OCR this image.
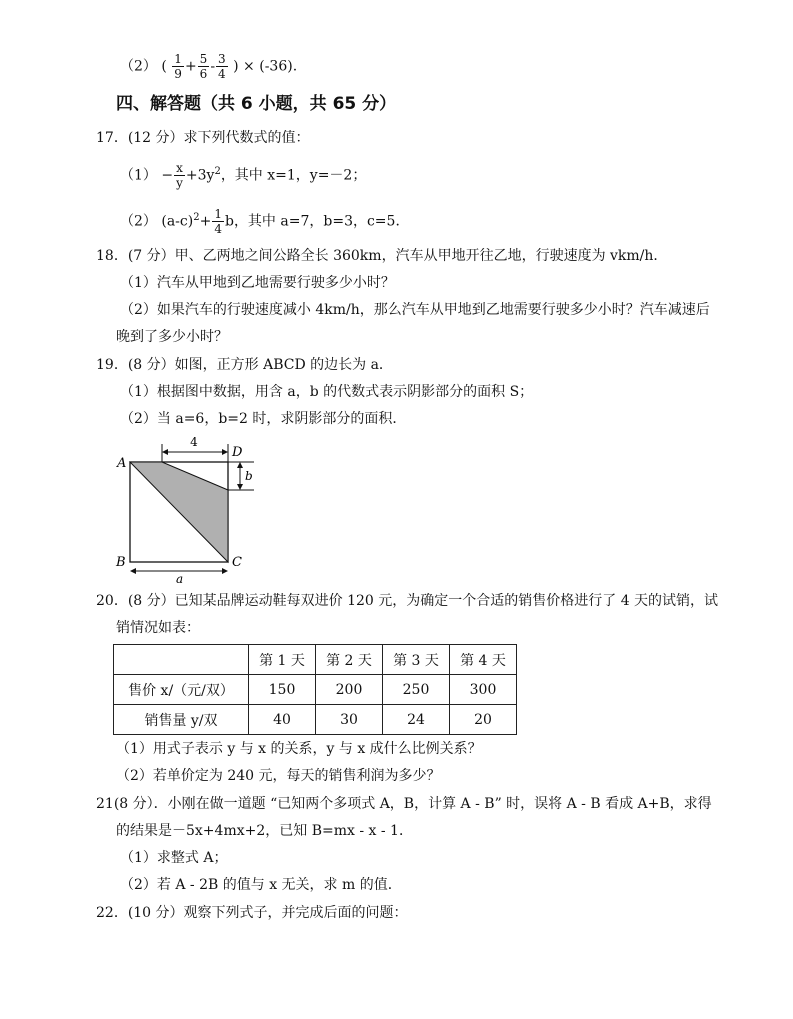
（2） ( $\frac{1}{9} + \frac{5}{6} - \frac{3}{4}$ ) × (-36).
四、解答题（共 6 小题，共 65 分）
17．(12 分）求下列代数式的值：
$(1) - \frac{x}{y} +3y^2$，其中 x=1，y=－2；
（2） $(a-c)^2+ \frac{1}{4}$ b，其中 a=7，b=3，c=5．
18．(7 分）甲、乙两地之间公路全长 360km，汽车从甲地开往乙地，行驶速度为 vkm/h．
（1）汽车从甲地到乙地需要行驶多少小时？
（2）如果汽车的行驶速度减小 4km/h，那么汽车从甲地到乙地需要行驶多少小时？汽车减速后
晚到了多少小时？
19．(8 分）如图，正方形 ABCD 的边长为 a．
（1）根据图中数据，用含 a，b 的代数式表示阴影部分的面积 S；
（2）当 a=6，b=2 时，求阴影部分的面积．
4
b
a
A
D
B	C
20．(8 分）已知某品牌运动鞋每双进价 120 元，为确定一个合适的销售价格进行了 4 天的试销，试
销情况如表：
	第 1 天	第 2 天	第 3 天	第 4 天
售价 x/（元/双）	150	200	250	300
销售量 y/双	40	30	24	20
（1）用式子表示 y 与 x 的关系，y 与 x 成什么比例关系？
（2）若单价定为 240 元，每天的销售利润为多少？
21(8 分）．小刚在做一道题 “已知两个多项式 A，B，计算 A - B” 时，误将 A - B 看成 A+B，求得
的结果是－5x+4mx+2，已知 B=mx - x - 1．
（1）求整式 A；
（2）若 A - 2B 的值与 x 无关，求 m 的值．
22．(10 分）观察下列式子，并完成后面的问题：
